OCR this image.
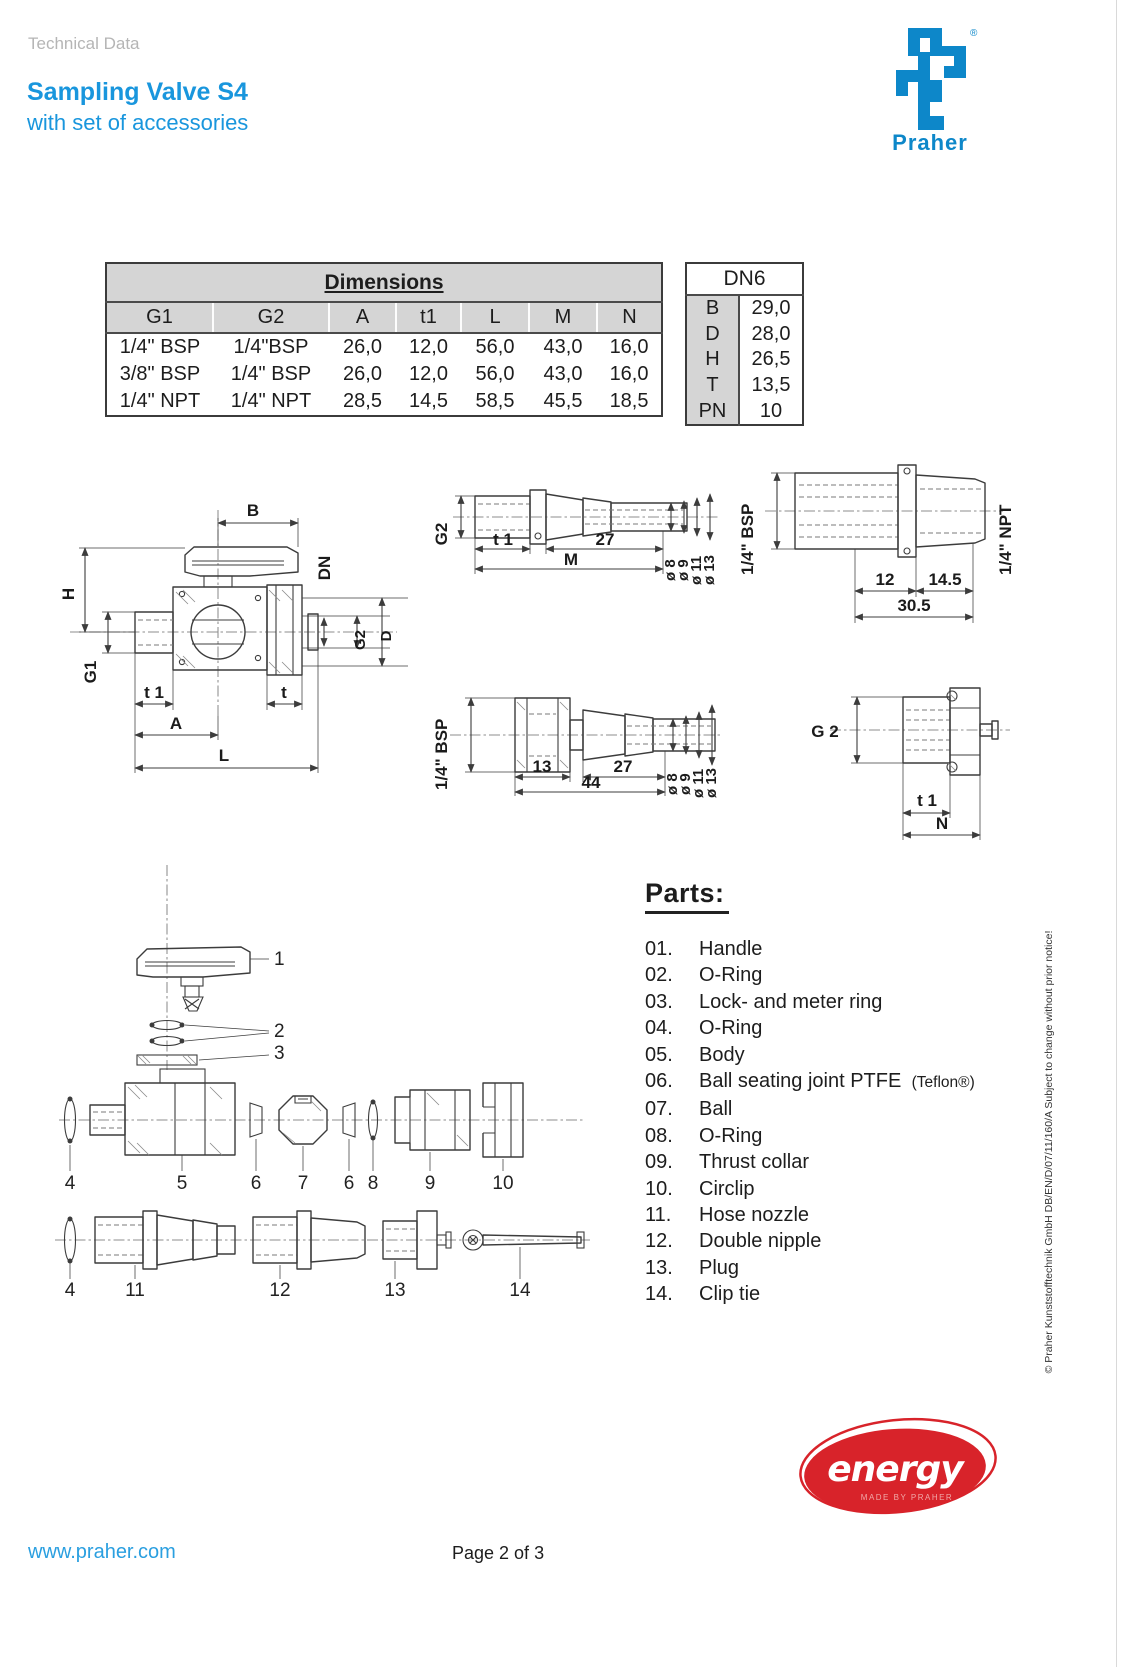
Technical Data
Sampling Valve S4
with set of accessories
®
Praher
Dimensions						
G1	G2	A	t1	L	M	N
1/4" BSP	1/4"BSP	26,0	12,0	56,0	43,0	16,0
3/8" BSP	1/4" BSP	26,0	12,0	56,0	43,0	16,0
1/4" NPT	1/4" NPT	28,5	14,5	58,5	45,5	18,5
DN6	
B	29,0
D	28,0
H	26,5
T	13,5
PN	10
B
H
G1
DN
G2 D
t 1	t
A
L
G2 t 1	27
M	ø 8
ø 9
ø 11
ø 13 1/4" BSP
12 14.5
30.5
1/4" NPT
1/4" BSP	13	27
44	ø 8
ø 9
ø 11
ø 13
G 2
t 1
N
1
2
3
4	5	6 7 6 8 9	10
4	11	12	13	14
Parts:
01.	Handle
02.	O-Ring
03.	Lock- and meter ring
04.	O-Ring
05.	Body
06.	Ball seating joint PTFE (Teflon®)
07.	Ball
08.	O-Ring
09.	Thrust collar
10.	Circlip
11.	Hose nozzle
12.	Double nipple
13.	Plug
14.	Clip tie	© Praher Kunststofftechnik GmbH DB/EN/D/07/11/160/A Subject to change without prior notice!
www.praher.com	Page 2 of 3
energy
MADE BY PRAHER
